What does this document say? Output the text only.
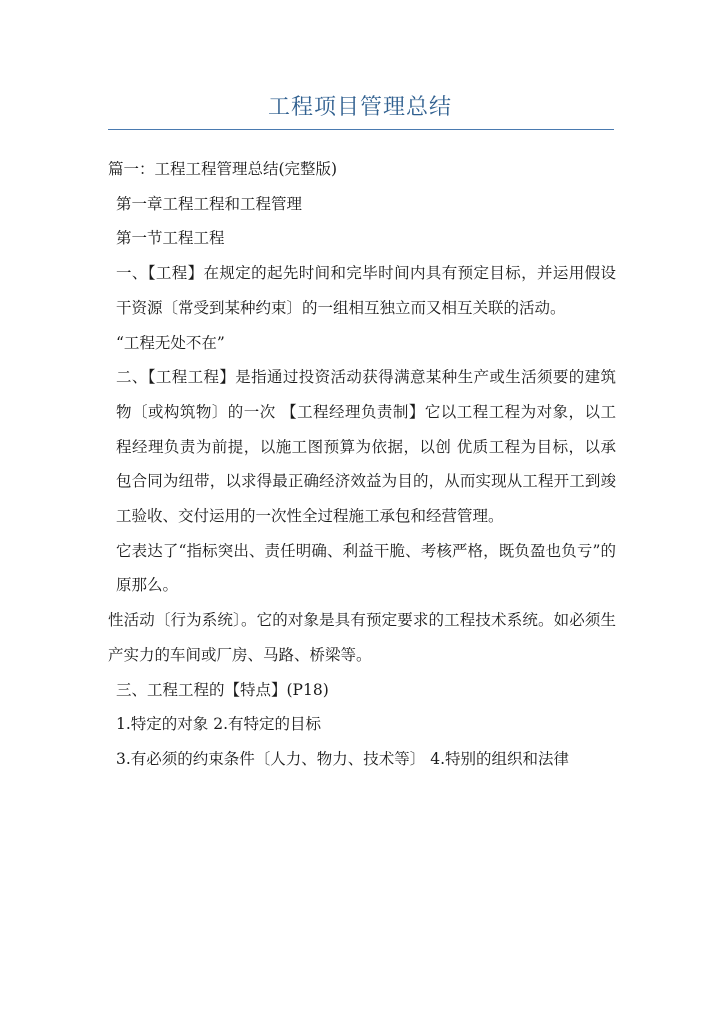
工程项目管理总结

篇一：工程工程管理总结(完整版)

第一章工程工程和工程管理

第一节工程工程

一、【工程】在规定的起先时间和完毕时间内具有预定目标，并运用假设干资源〔常受到某种约束〕的一组相互独立而又相互关联的活动。

“工程无处不在”

二、【工程工程】是指通过投资活动获得满意某种生产或生活须要的建筑物〔或构筑物〕的一次 【工程经理负责制】它以工程工程为对象，以工程经理负责为前提，以施工图预算为依据，以创 优质工程为目标，以承包合同为纽带，以求得最正确经济效益为目的，从而实现从工程开工到竣工验收、交付运用的一次性全过程施工承包和经营管理。

它表达了“指标突出、责任明确、利益干脆、考核严格，既负盈也负亏”的原那么。

性活动〔行为系统〕。它的对象是具有预定要求的工程技术系统。如必须生产实力的车间或厂房、马路、桥梁等。

三、工程工程的【特点】(P18)

1.特定的对象 2.有特定的目标

3.有必须的约束条件〔人力、物力、技术等〕 4.特别的组织和法律
